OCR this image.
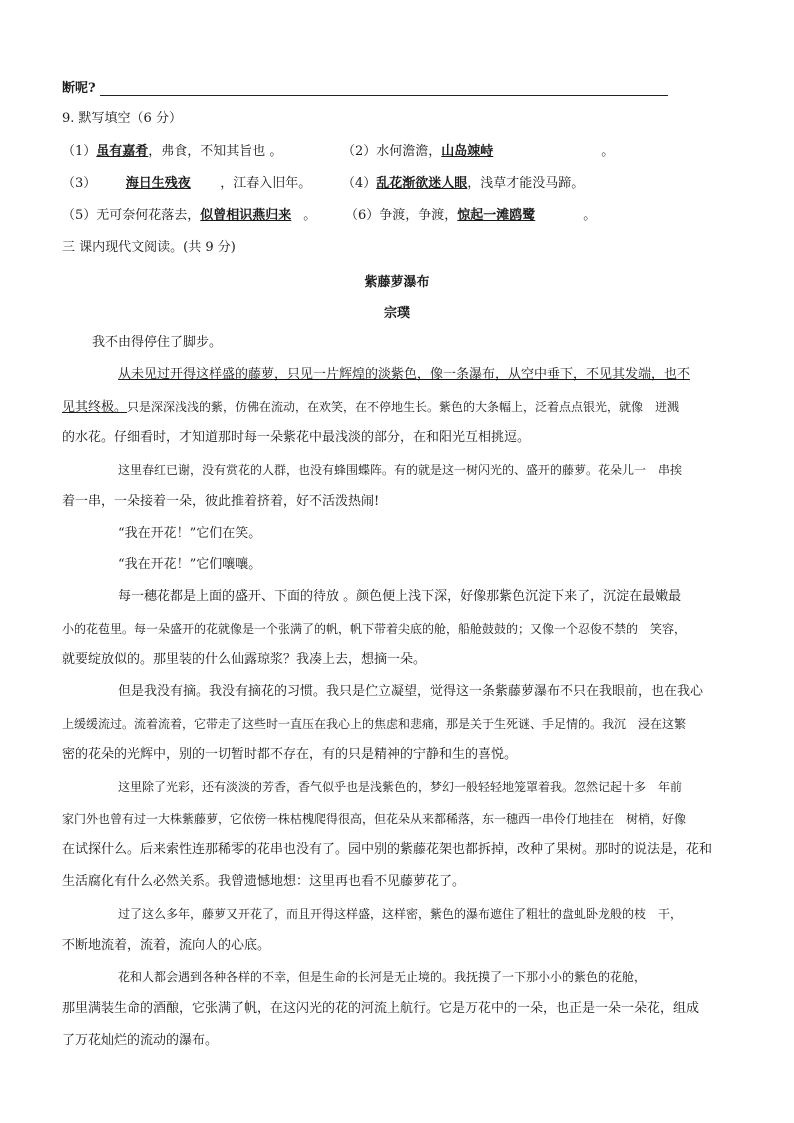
断呢?
9. 默写填空（6 分）
（1）虽有嘉肴，弗食，不知其旨也 。	（2）水何澹澹，山岛竦峙	。
（3） 海日生残夜 ，江春入旧年。 （4）乱花渐欲迷人眼，浅草才能没马蹄。
（5）无可奈何花落去，似曾相识燕归来 。 （6）争渡，争渡，惊起一滩鸥鹭	。
三 课内现代文阅读。(共 9 分)
紫藤萝瀑布
宗璞
我不由得停住了脚步。
从未见过开得这样盛的藤萝，只见一片辉煌的淡紫色，像一条瀑布，从空中垂下，不见其发端，也不
见其终极。只是深深浅浅的紫，仿佛在流动，在欢笑，在不停地生长。紫色的大条幅上，泛着点点银光，就像 迸溅
的水花。仔细看时，才知道那时每一朵紫花中最浅淡的部分，在和阳光互相挑逗。
这里春红已谢，没有赏花的人群，也没有蜂围蝶阵。有的就是这一树闪光的、盛开的藤萝。花朵儿一 串挨
着一串，一朵接着一朵，彼此推着挤着，好不活泼热闹!
“我在开花！”它们在笑。
“我在开花！”它们嚷嚷。
每一穗花都是上面的盛开、下面的待放 。颜色便上浅下深，好像那紫色沉淀下来了，沉淀在最嫩最
小的花苞里。每一朵盛开的花就像是一个张满了的帆，帆下带着尖底的舱，船舱鼓鼓的；又像一个忍俊不禁的 笑容，
就要绽放似的。那里装的什么仙露琼浆？我凑上去，想摘一朵。
但是我没有摘。我没有摘花的习惯。我只是伫立凝望，觉得这一条紫藤萝瀑布不只在我眼前，也在我心
上缓缓流过。流着流着，它带走了这些时一直压在我心上的焦虑和悲痛，那是关于生死谜、手足情的。我沉 浸在这繁
密的花朵的光辉中，别的一切暂时都不存在，有的只是精神的宁静和生的喜悦。
这里除了光彩，还有淡淡的芳香，香气似乎也是浅紫色的，梦幻一般轻轻地笼罩着我。忽然记起十多 年前
家门外也曾有过一大株紫藤萝，它依傍一株枯槐爬得很高，但花朵从来都稀落，东一穗西一串伶仃地挂在 树梢，好像
在试探什么。后来索性连那稀零的花串也没有了。园中别的紫藤花架也都拆掉，改种了果树。那时的说法是，花和
生活腐化有什么必然关系。我曾遗憾地想：这里再也看不见藤萝花了。
过了这么多年，藤萝又开花了，而且开得这样盛，这样密，紫色的瀑布遮住了粗壮的盘虬卧龙般的枝 干，
不断地流着，流着，流向人的心底。
花和人都会遇到各种各样的不幸，但是生命的长河是无止境的。我抚摸了一下那小小的紫色的花舱，
那里满装生命的酒酿，它张满了帆，在这闪光的花的河流上航行。它是万花中的一朵，也正是一朵一朵花，组成
了万花灿烂的流动的瀑布。
